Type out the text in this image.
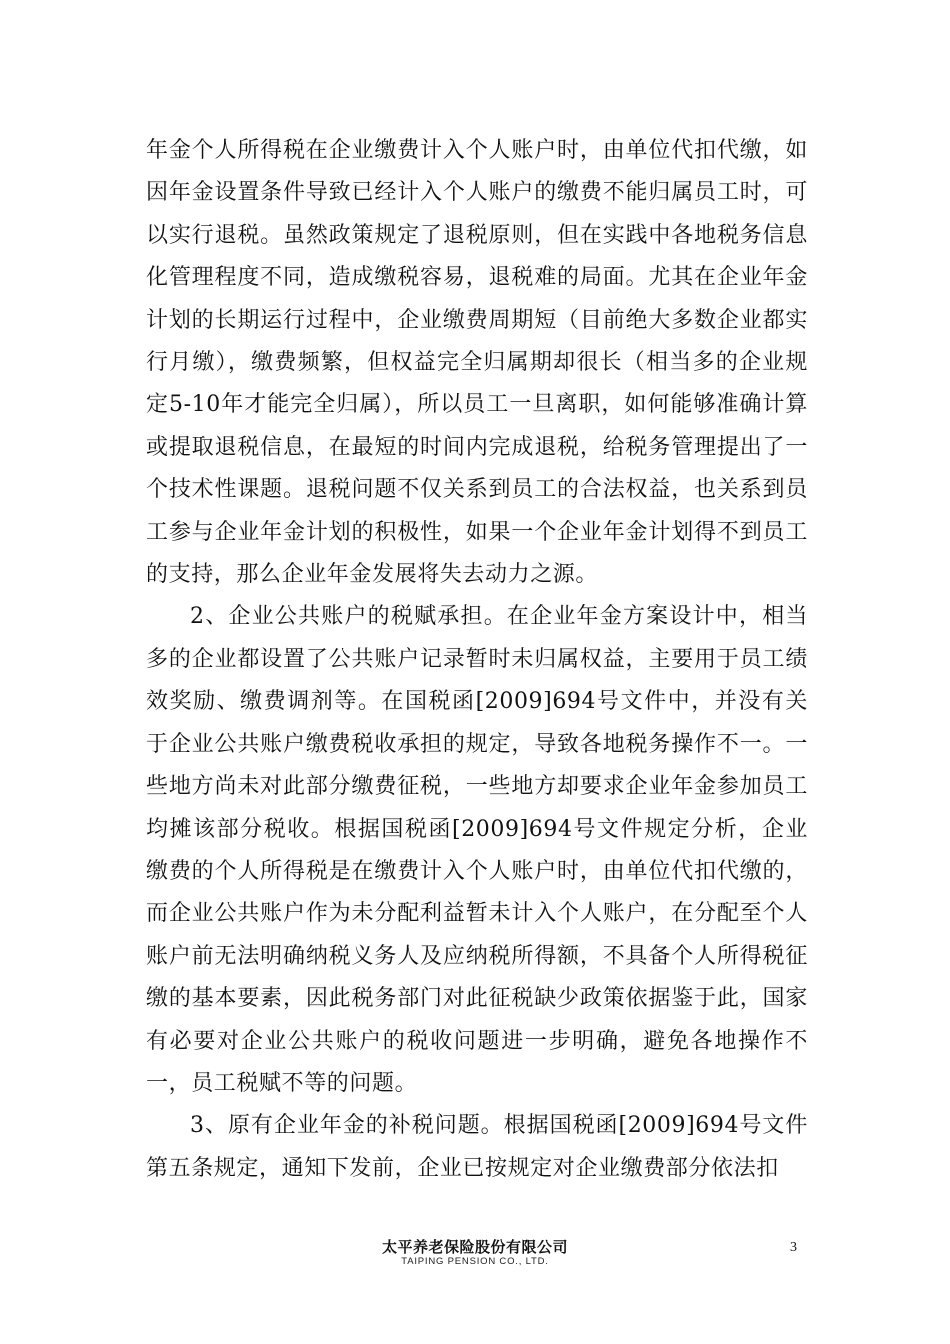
年金个人所得税在企业缴费计入个人账户时，由单位代扣代缴，如因年金设置条件导致已经计入个人账户的缴费不能归属员工时，可以实行退税。虽然政策规定了退税原则，但在实践中各地税务信息化管理程度不同，造成缴税容易，退税难的局面。尤其在企业年金计划的长期运行过程中，企业缴费周期短（目前绝大多数企业都实行月缴），缴费频繁，但权益完全归属期却很长（相当多的企业规定5-10年才能完全归属），所以员工一旦离职，如何能够准确计算或提取退税信息，在最短的时间内完成退税，给税务管理提出了一个技术性课题。退税问题不仅关系到员工的合法权益，也关系到员工参与企业年金计划的积极性，如果一个企业年金计划得不到员工的支持，那么企业年金发展将失去动力之源。

2、企业公共账户的税赋承担。在企业年金方案设计中，相当多的企业都设置了公共账户记录暂时未归属权益，主要用于员工绩效奖励、缴费调剂等。在国税函[2009]694号文件中，并没有关于企业公共账户缴费税收承担的规定，导致各地税务操作不一。一些地方尚未对此部分缴费征税，一些地方却要求企业年金参加员工均摊该部分税收。根据国税函[2009]694号文件规定分析，企业缴费的个人所得税是在缴费计入个人账户时，由单位代扣代缴的，而企业公共账户作为未分配利益暂未计入个人账户，在分配至个人账户前无法明确纳税义务人及应纳税所得额，不具备个人所得税征缴的基本要素，因此税务部门对此征税缺少政策依据鉴于此，国家有必要对企业公共账户的税收问题进一步明确，避免各地操作不一，员工税赋不等的问题。

3、原有企业年金的补税问题。根据国税函[2009]694号文件第五条规定，通知下发前，企业已按规定对企业缴费部分依法扣

太平养老保险股份有限公司
TAIPING PENSION CO., LTD.
3
